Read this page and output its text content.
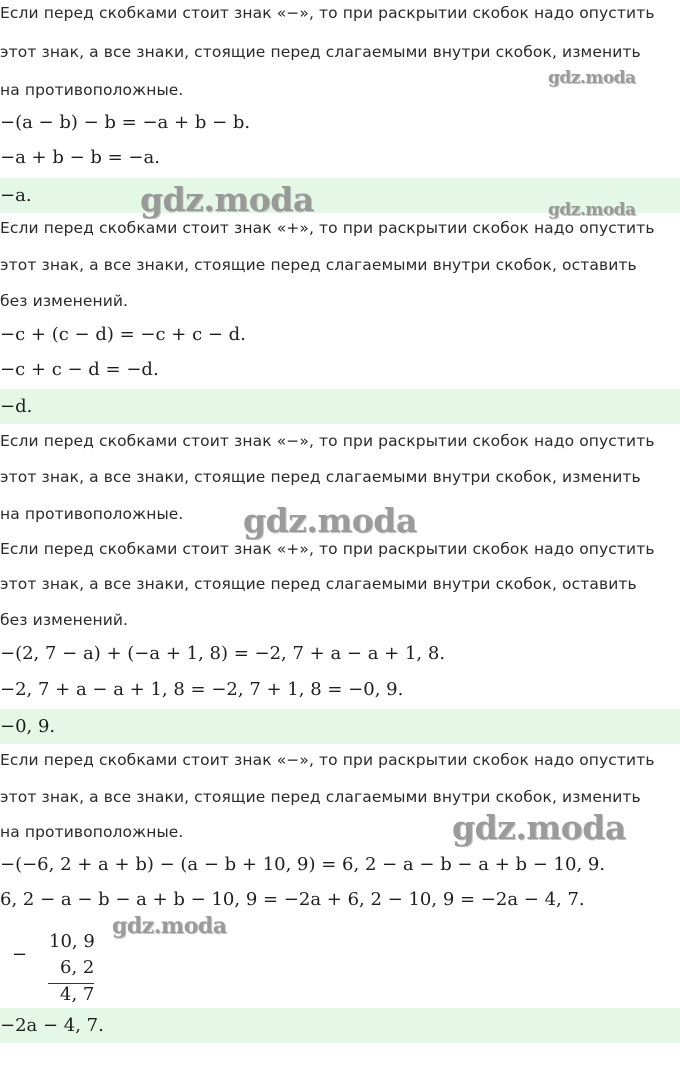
Если перед скобками стоит знак «−», то при раскрытии скобок надо опустить
этот знак, а все знаки, стоящие перед слагаемыми внутри скобок, изменить
на противоположные.
−(a − b) − b = −a + b − b.
−a + b − b = −a.
−a.
Если перед скобками стоит знак «+», то при раскрытии скобок надо опустить
этот знак, а все знаки, стоящие перед слагаемыми внутри скобок, оставить
без изменений.
−c + (c − d) = −c + c − d.
−c + c − d = −d.
−d.
Если перед скобками стоит знак «−», то при раскрытии скобок надо опустить
этот знак, а все знаки, стоящие перед слагаемыми внутри скобок, изменить
на противоположные.
Если перед скобками стоит знак «+», то при раскрытии скобок надо опустить
этот знак, а все знаки, стоящие перед слагаемыми внутри скобок, оставить
без изменений.
−(2, 7 − a) + (−a + 1, 8) = −2, 7 + a − a + 1, 8.
−2, 7 + a − a + 1, 8 = −2, 7 + 1, 8 = −0, 9.
−0, 9.
Если перед скобками стоит знак «−», то при раскрытии скобок надо опустить
этот знак, а все знаки, стоящие перед слагаемыми внутри скобок, изменить
на противоположные.
−(−6, 2 + a + b) − (a − b + 10, 9) = 6, 2 − a − b − a + b − 10, 9.
6, 2 − a − b − a + b − 10, 9 = −2a + 6, 2 − 10, 9 = −2a − 4, 7.
−
10, 9
6, 2
4, 7
−2a − 4, 7.
gdz.moda
gdz.moda	gdz.moda
gdz.moda
gdz.moda
gdz.moda
